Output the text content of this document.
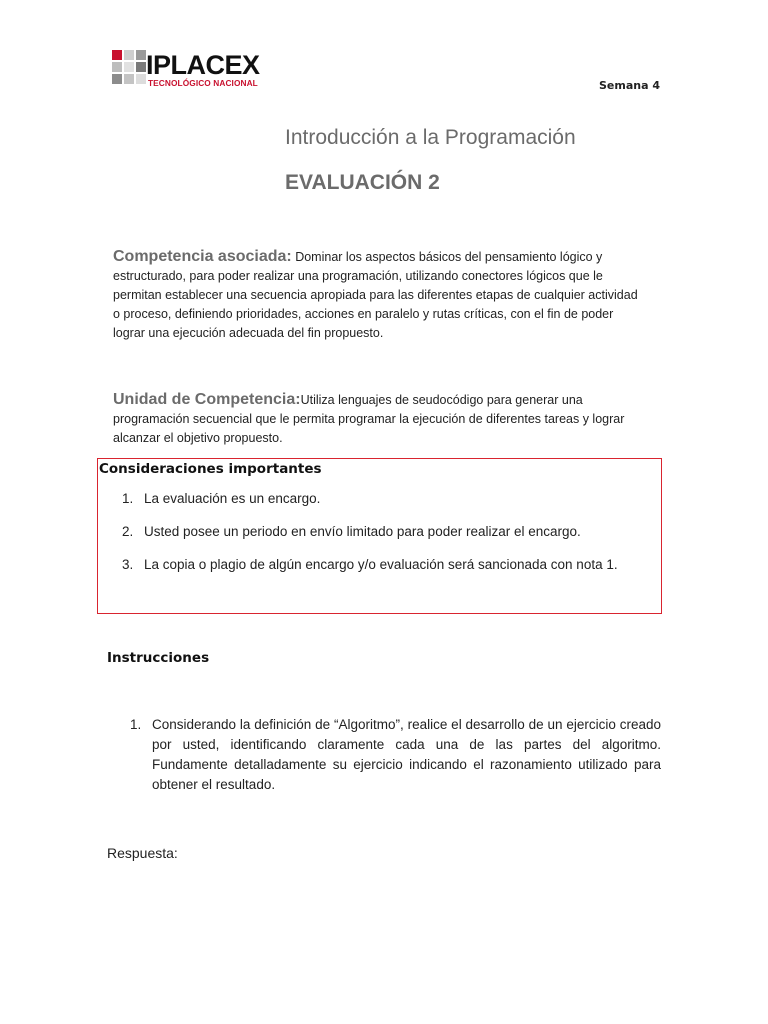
IPLACEX
TECNOLÓGICO NACIONAL	Semana 4
Introducción a la Programación
EVALUACIÓN 2
Competencia asociada: Dominar los aspectos básicos del pensamiento lógico y estructurado, para poder realizar una programación, utilizando conectores lógicos que le permitan establecer una secuencia apropiada para las diferentes etapas de cualquier actividad o proceso, definiendo prioridades, acciones en paralelo y rutas críticas, con el fin de poder lograr una ejecución adecuada del fin propuesto.
Unidad de Competencia:Utiliza lenguajes de seudocódigo para generar una programación secuencial que le permita programar la ejecución de diferentes tareas y lograr alcanzar el objetivo propuesto.
Consideraciones importantes
1. La evaluación es un encargo.
2. Usted posee un periodo en envío limitado para poder realizar el encargo.
3. La copia o plagio de algún encargo y/o evaluación será sancionada con nota 1.
Instrucciones
1. Considerando la definición de “Algoritmo”, realice el desarrollo de un ejercicio creado por usted, identificando claramente cada una de las partes del algoritmo. Fundamente detalladamente su ejercicio indicando el razonamiento utilizado para obtener el resultado.
Respuesta:
